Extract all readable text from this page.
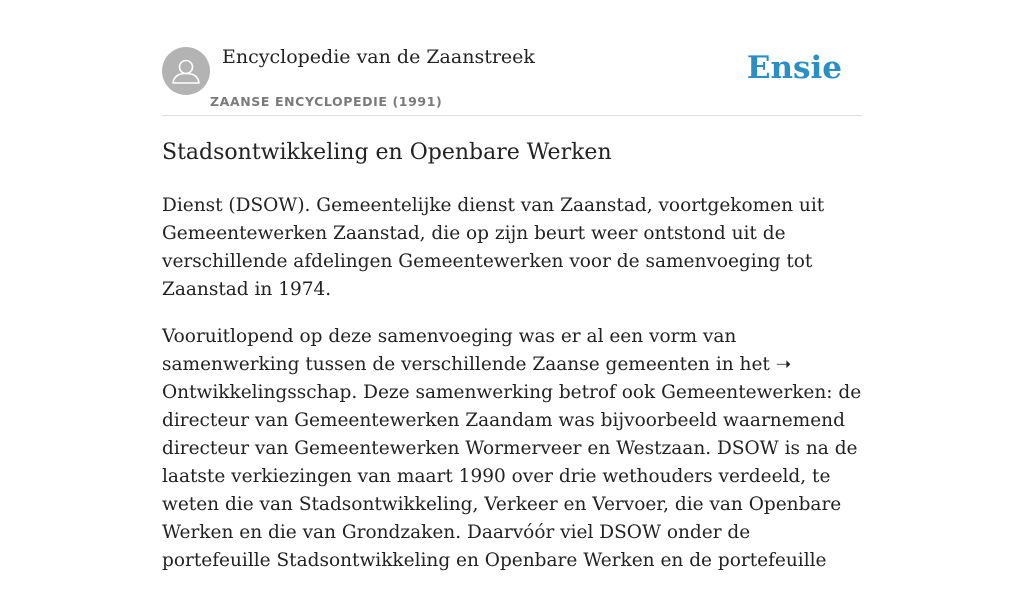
Encyclopedie van de Zaanstreek
ZAANSE ENCYCLOPEDIE (1991)
Ensie
Stadsontwikkeling en Openbare Werken

Dienst (DSOW). Gemeentelijke dienst van Zaanstad, voortgekomen uit Gemeentewerken Zaanstad, die op zijn beurt weer ontstond uit de verschillende afdelingen Gemeentewerken voor de samenvoeging tot Zaanstad in 1974.

Vooruitlopend op deze samenvoeging was er al een vorm van samenwerking tussen de verschillende Zaanse gemeenten in het ➝ Ontwikkelingsschap. Deze samenwerking betrof ook Gemeentewerken: de directeur van Gemeentewerken Zaandam was bijvoorbeeld waarnemend directeur van Gemeentewerken Wormerveer en Westzaan. DSOW is na de laatste verkiezingen van maart 1990 over drie wethouders verdeeld, te weten die van Stadsontwikkeling, Verkeer en Vervoer, die van Openbare Werken en die van Grondzaken. Daarvóór viel DSOW onder de portefeuille Stadsontwikkeling en Openbare Werken en de portefeuille
